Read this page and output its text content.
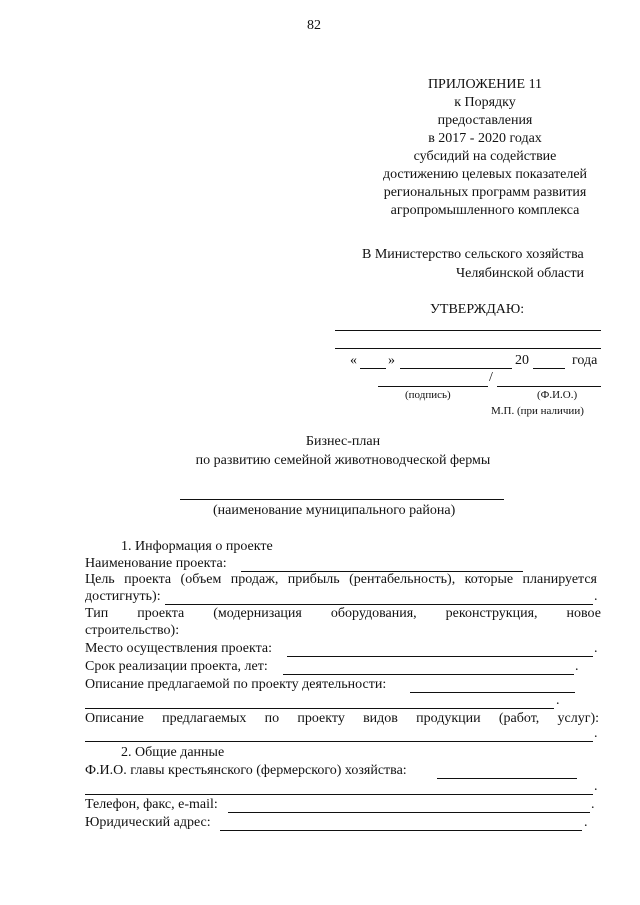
82
ПРИЛОЖЕНИЕ 11
к Порядку
предоставления
в 2017 - 2020 годах
субсидий на содействие
достижению целевых показателей
региональных программ развития
агропромышленного комплекса
В Министерство сельского хозяйства
Челябинской области
УТВЕРЖДАЮ:
« »	20	года
/
(подпись)	(Ф.И.О.)
М.П. (при наличии)
Бизнес-план
по развитию семейной животноводческой фермы
(наименование муниципального района)
1. Информация о проекте
Наименование проекта:
Цель проекта (объем продаж, прибыль (рентабельность), которые планируется
достигнуть):	.
Тип проекта (модернизация оборудования, реконструкция, новое
строительство):
Место осуществления проекта:	.
Срок реализации проекта, лет:	.
Описание предлагаемой по проекту деятельности:
.
Описание предлагаемых по проекту видов продукции (работ, услуг):
.
2. Общие данные
Ф.И.О. главы крестьянского (фермерского) хозяйства:
.
Телефон, факс, e-mail:	.
Юридический адрес:	.
